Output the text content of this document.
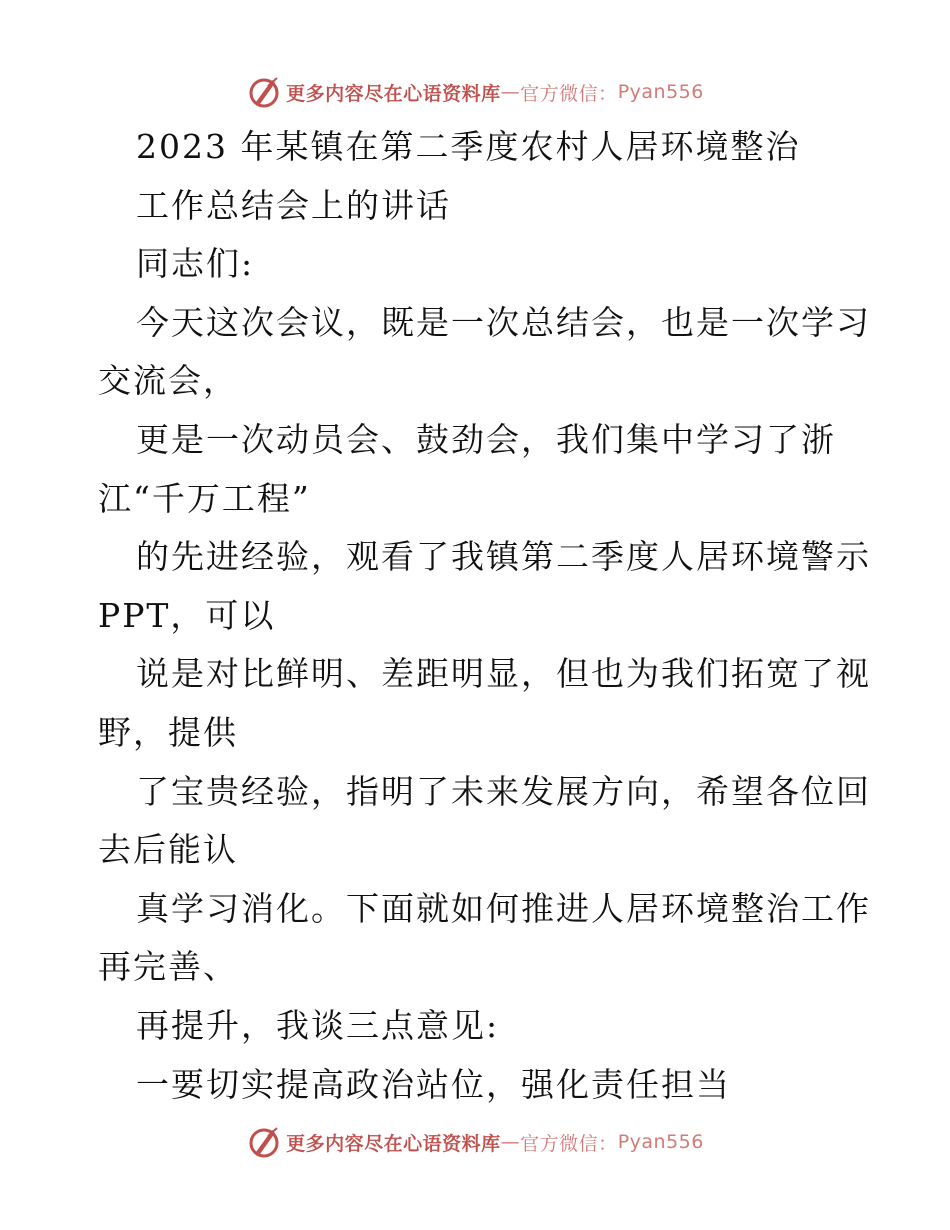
更多内容尽在心语资料库 — 官方微信： Pyan556
2023 年某镇在第二季度农村人居环境整治
工作总结会上的讲话
同志们:
今天这次会议，既是一次总结会，也是一次学习
交流会，
更是一次动员会、鼓劲会，我们集中学习了浙
江“千万工程”
的先进经验，观看了我镇第二季度人居环境警示
PPT，可以
说是对比鲜明、差距明显，但也为我们拓宽了视
野，提供
了宝贵经验，指明了未来发展方向，希望各位回
去后能认
真学习消化。下面就如何推进人居环境整治工作
再完善、
再提升，我谈三点意见:
一要切实提高政治站位，强化责任担当
更多内容尽在心语资料库 — 官方微信： Pyan556
